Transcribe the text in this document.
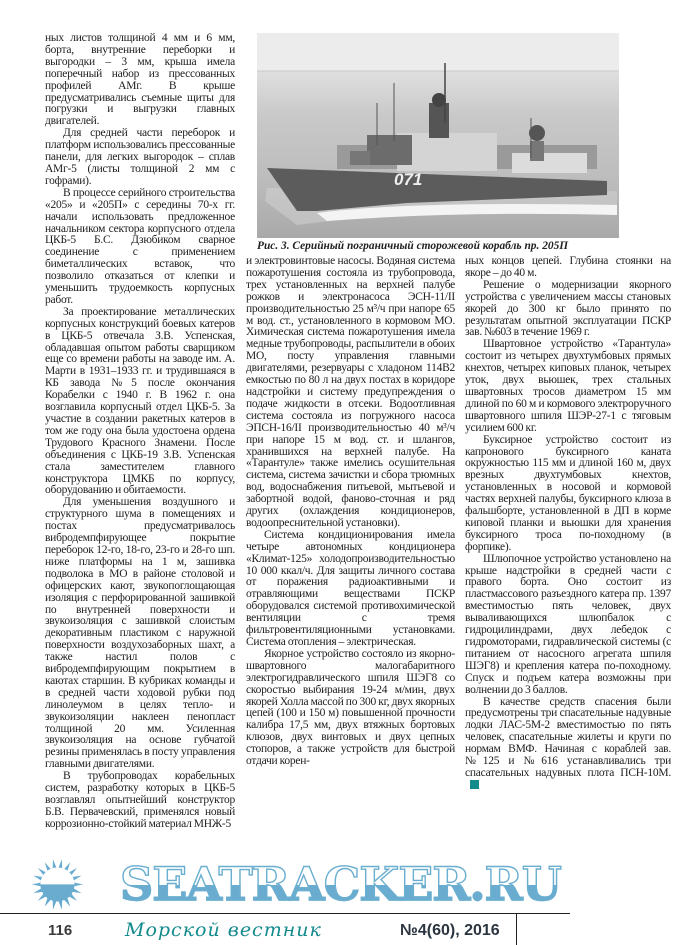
ных листов толщиной 4 мм и 6 мм, борта, внутренние переборки и выгородки – 3 мм, крыша имела поперечный набор из прессованных профилей АМг. В крыше предусматривались съемные щиты для погрузки и выгрузки главных двигателей.

Для средней части переборок и платформ использовались прессованные панели, для легких выгородок – сплав АМг-5 (листы толщиной 2 мм с гофрами).

В процессе серийного строительства «205» и «205П» с середины 70-х гг. начали использовать предложенное начальником сектора корпусного отдела ЦКБ-5 Б.С. Дзюбиком сварное соединение с применением биметаллических вставок, что позволило отказаться от клепки и уменьшить трудоемкость корпусных работ.

За проектирование металлических корпусных конструкций боевых катеров в ЦКБ-5 отвечала З.В. Успенская, обладавшая опытом работы сварщиком еще со времени работы на заводе им. А. Марти в 1931–1933 гг. и трудившаяся в КБ завода №5 после окончания Корабелки с 1940 г. В 1962 г. она возглавила корпусный отдел ЦКБ-5. За участие в создании ракетных катеров в том же году она была удостоена ордена Трудового Красного Знамени. После объединения с ЦКБ-19 З.В. Успенская стала заместителем главного конструктора ЦМКБ по корпусу, оборудованию и обитаемости.

Для уменьшения воздушного и структурного шума в помещениях и постах предусматривалось вибродемпфирующее покрытие переборок 12-го, 18-го, 23-го и 28-го шп. ниже платформы на 1 м, зашивка подволока в МО в районе столовой и офицерских кают, звукопоглощающая изоляция с перфорированной зашивкой по внутренней поверхности и звукоизоляция с зашивкой слоистым декоративным пластиком с наружной поверхности воздухозаборных шахт, а также настил полов с вибродемпфирующим покрытием в каютах старшин. В кубриках команды и в средней части ходовой рубки под линолеумом в целях тепло- и звукоизоляции наклеен пенопласт толщиной 20 мм. Усиленная звукоизоляция на основе губчатой резины применялась в посту управления главными двигателями.

В трубопроводах корабельных систем, разработку которых в ЦКБ-5 возглавлял опытнейший конструктор Б.В. Первачевский, применялся новый коррозионно-стойкий материал МНЖ-5

071
Рис. 3. Серийный пограничный сторожевой корабль пр. 205П

и электровинтовые насосы. Водяная система пожаротушения состояла из трубопровода, трех установленных на верхней палубе рожков и электронасоса ЭСН-11/II производительностью 25 м³/ч при напоре 65 м вод. ст., установленного в кормовом МО. Химическая система пожаротушения имела медные трубопроводы, распылители в обоих МО, посту управления главными двигателями, резервуары с хладоном 114В2 емкостью по 80 л на двух постах в коридоре надстройки и систему предупреждения о подаче жидкости в отсеки. Водоотливная система состояла из погружного насоса ЭПСН-16/II производительностью 40 м³/ч при напоре 15 м вод. ст. и шлангов, хранившихся на верхней палубе. На «Тарантуле» также имелись осушительная система, система зачистки и сбора трюмных вод, водоснабжения питьевой, мытьевой и забортной водой, фаново-сточная и ряд других (охлаждения кондиционеров, водоопреснительной установки).

Система кондиционирования имела четыре автономных кондиционера «Климат-125» холодопроизводительностью 10 000 ккал/ч. Для защиты личного состава от поражения радиоактивными и отравляющими веществами ПСКР оборудовался системой противохимической вентиляции с тремя фильтровентиляционными установками. Система отопления – электрическая.

Якорное устройство состояло из якорно-швартовного малогабаритного электрогидравлического шпиля ШЭГ8 со скоростью выбирания 19-24 м/мин, двух якорей Холла массой по 300 кг, двух якорных цепей (100 и 150 м) повышенной прочности калибра 17,5 мм, двух втяжных бортовых клюзов, двух винтовых и двух цепных стопоров, а также устройств для быстрой отдачи корен-

ных концов цепей. Глубина стоянки на якоре – до 40 м.

Решение о модернизации якорного устройства с увеличением массы становых якорей до 300 кг было принято по результатам опытной эксплуатации ПСКР зав. №603 в течение 1969 г.

Швартовное устройство «Тарантула» состоит из четырех двухтумбовых прямых кнехтов, четырех киповых планок, четырех уток, двух вьюшек, трех стальных швартовных тросов диаметром 15 мм длиной по 60 м и кормового электроручного швартовного шпиля ШЭР-27-1 с тяговым усилием 600 кг.

Буксирное устройство состоит из капронового буксирного каната окружностью 115 мм и длиной 160 м, двух врезных двухтумбовых кнехтов, установленных в носовой и кормовой частях верхней палубы, буксирного клюза в фальшборте, установленной в ДП в корме киповой планки и вьюшки для хранения буксирного троса по-походному (в форпике).

Шлюпочное устройство установлено на крыше надстройки в средней части с правого борта. Оно состоит из пластмассового разъездного катера пр. 1397 вместимостью пять человек, двух вываливающихся шлюпбалок с гидроцилиндрами, двух лебедок с гидромоторами, гидравлической системы (с питанием от насосного агрегата шпиля ШЭГ8) и крепления катера по-походному. Спуск и подъем катера возможны при волнении до 3 баллов.

В качестве средств спасения были предусмотрены три спасательные надувные лодки ЛАС-5М-2 вместимостью по пять человек, спасательные жилеты и круги по нормам ВМФ. Начиная с кораблей зав. №125 и №616 устанавливались три спасательных надувных плота ПСН-10М.

SEATRACKER.RU
116	Морской вестник	№4(60), 2016
